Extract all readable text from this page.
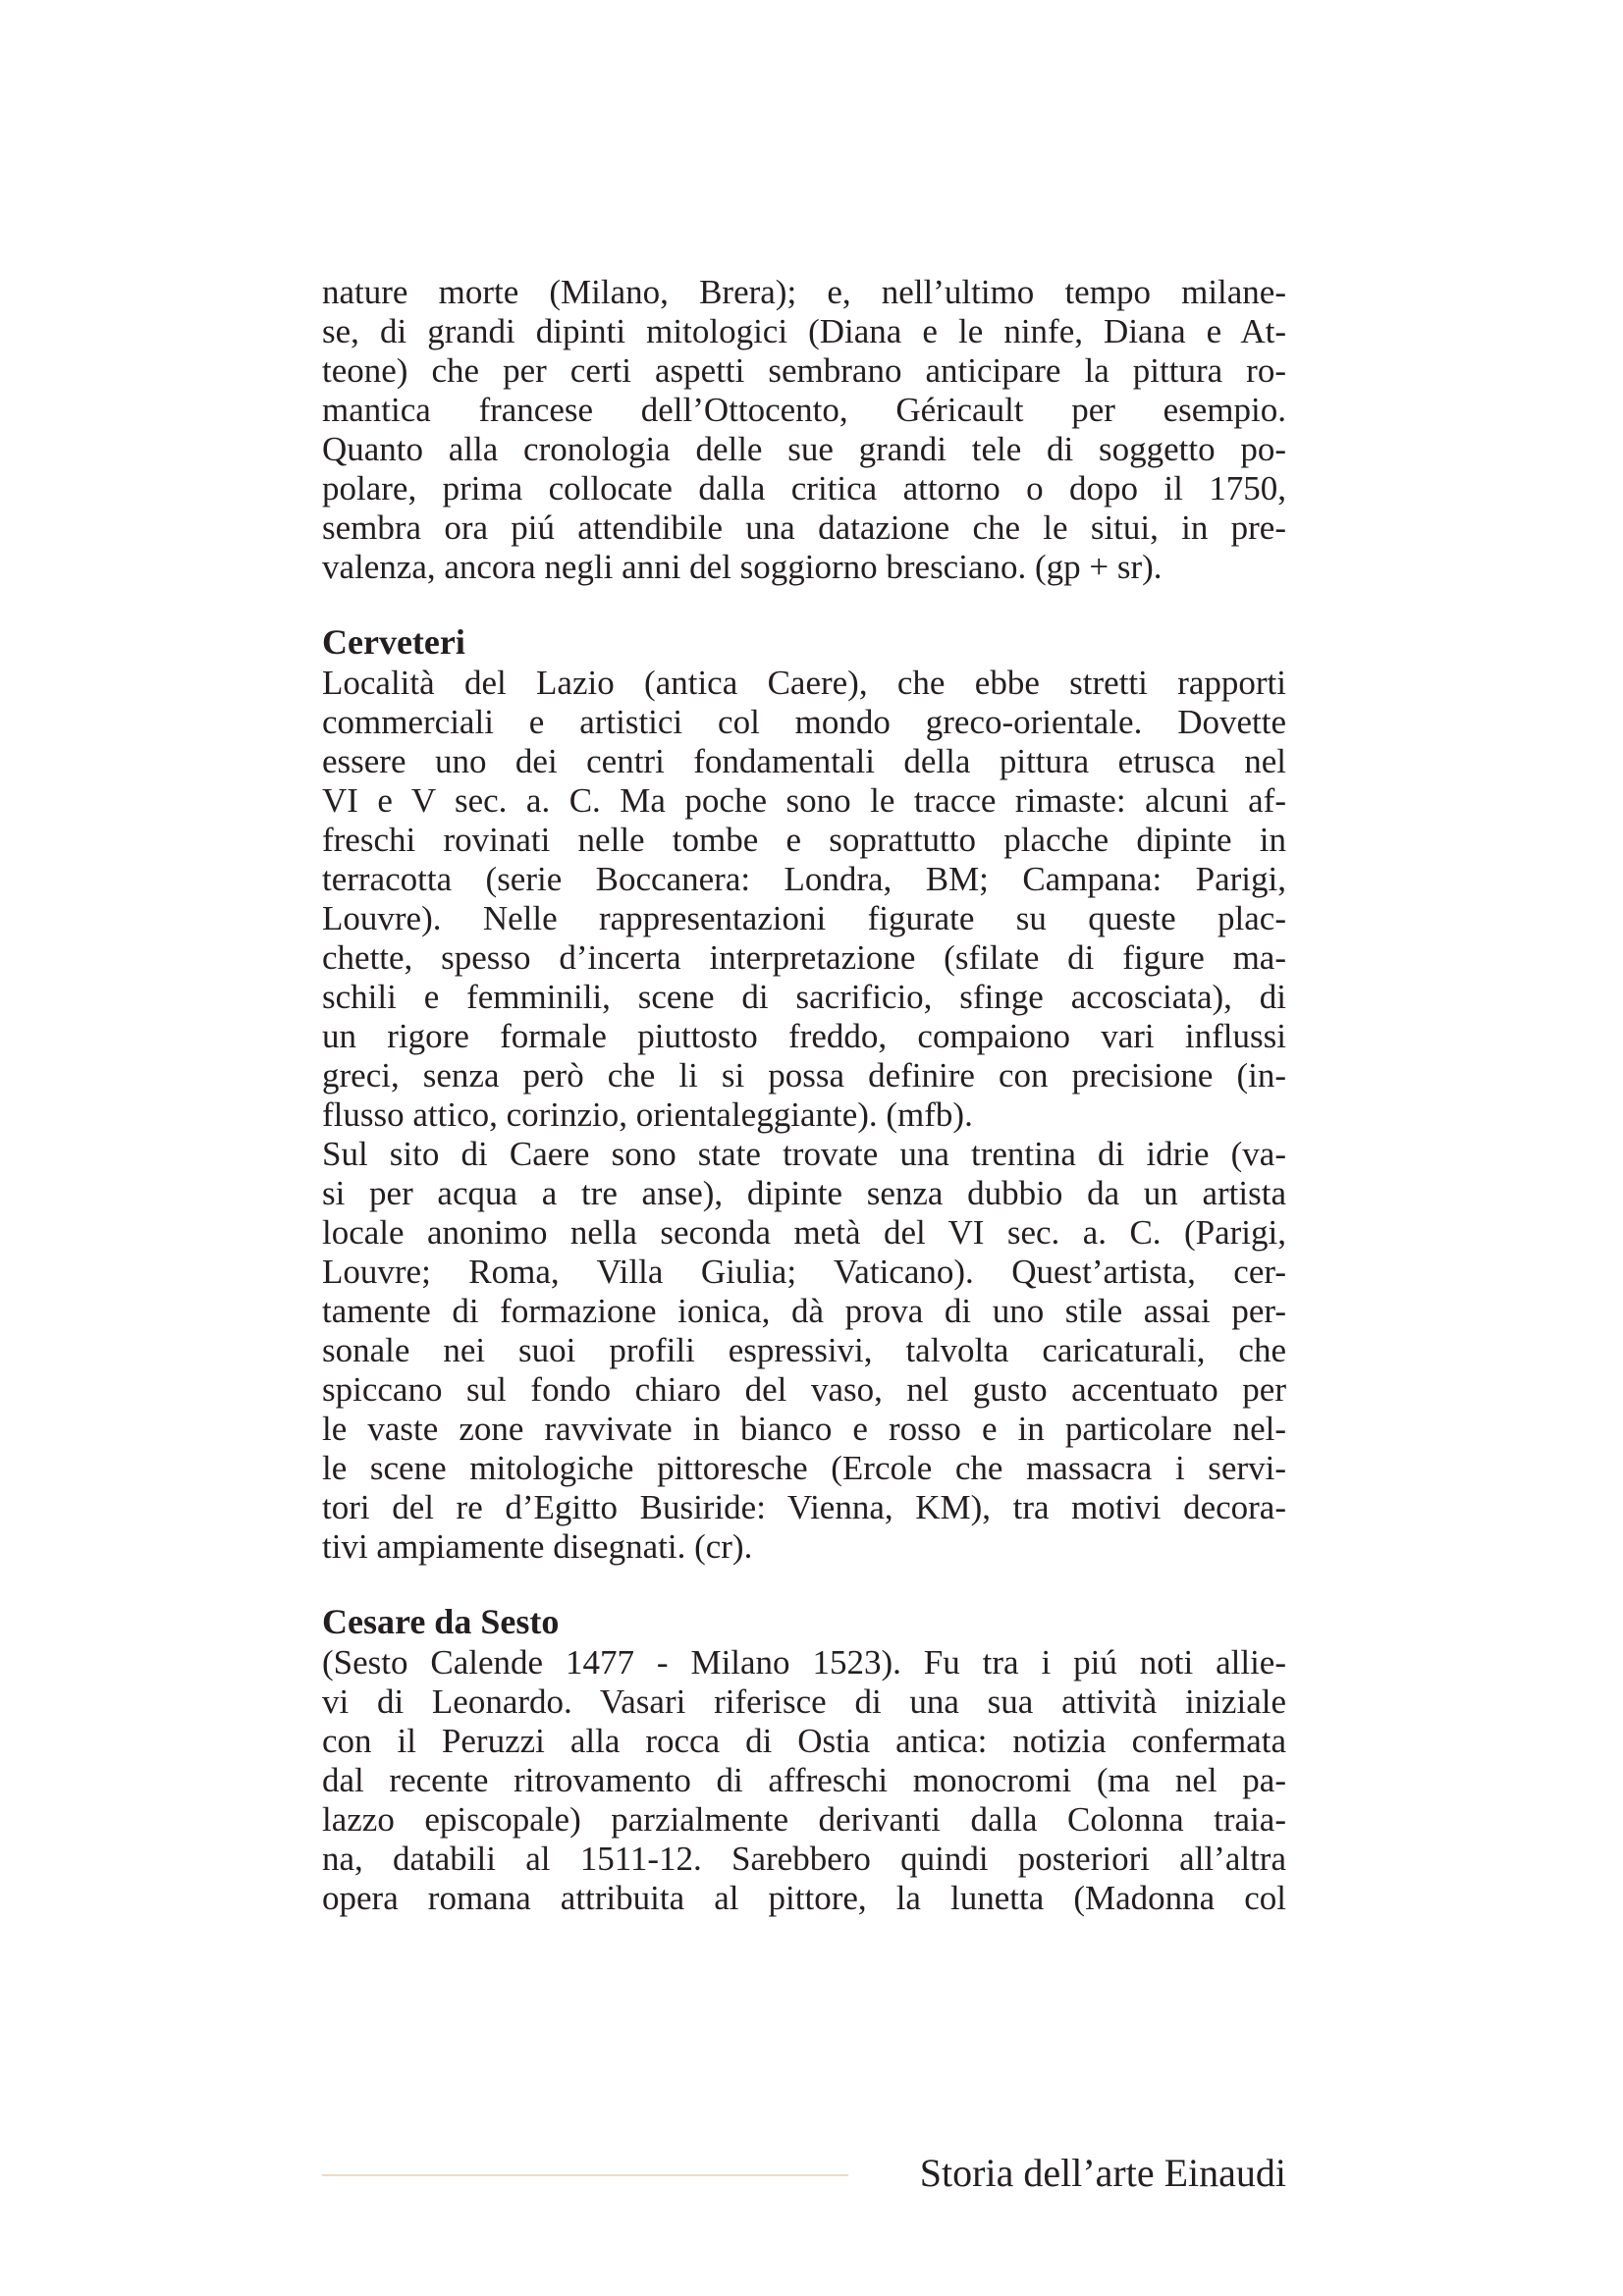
nature morte (Milano, Brera); e, nell’ultimo tempo milane-
se, di grandi dipinti mitologici (Diana e le ninfe, Diana e At-
teone) che per certi aspetti sembrano anticipare la pittura ro-
mantica francese dell’Ottocento, Géricault per esempio.
Quanto alla cronologia delle sue grandi tele di soggetto po-
polare, prima collocate dalla critica attorno o dopo il 1750,
sembra ora piú attendibile una datazione che le situi, in pre-
valenza, ancora negli anni del soggiorno bresciano. (gp + sr).

Cerveteri

Località del Lazio (antica Caere), che ebbe stretti rapporti
commerciali e artistici col mondo greco-orientale. Dovette
essere uno dei centri fondamentali della pittura etrusca nel
VI e V sec. a. C. Ma poche sono le tracce rimaste: alcuni af-
freschi rovinati nelle tombe e soprattutto placche dipinte in
terracotta (serie Boccanera: Londra, BM; Campana: Parigi,
Louvre). Nelle rappresentazioni figurate su queste plac-
chette, spesso d’incerta interpretazione (sfilate di figure ma-
schili e femminili, scene di sacrificio, sfinge accosciata), di
un rigore formale piuttosto freddo, compaiono vari influssi
greci, senza però che li si possa definire con precisione (in-
flusso attico, corinzio, orientaleggiante). (mfb).
Sul sito di Caere sono state trovate una trentina di idrie (va-
si per acqua a tre anse), dipinte senza dubbio da un artista
locale anonimo nella seconda metà del VI sec. a. C. (Parigi,
Louvre; Roma, Villa Giulia; Vaticano). Quest’artista, cer-
tamente di formazione ionica, dà prova di uno stile assai per-
sonale nei suoi profili espressivi, talvolta caricaturali, che
spiccano sul fondo chiaro del vaso, nel gusto accentuato per
le vaste zone ravvivate in bianco e rosso e in particolare nel-
le scene mitologiche pittoresche (Ercole che massacra i servi-
tori del re d’Egitto Busiride: Vienna, KM), tra motivi decora-
tivi ampiamente disegnati. (cr).

Cesare da Sesto

(Sesto Calende 1477 - Milano 1523). Fu tra i piú noti allie-
vi di Leonardo. Vasari riferisce di una sua attività iniziale
con il Peruzzi alla rocca di Ostia antica: notizia confermata
dal recente ritrovamento di affreschi monocromi (ma nel pa-
lazzo episcopale) parzialmente derivanti dalla Colonna traia-
na, databili al 1511-12. Sarebbero quindi posteriori all’altra
opera romana attribuita al pittore, la lunetta (Madonna col

Storia dell’arte Einaudi
